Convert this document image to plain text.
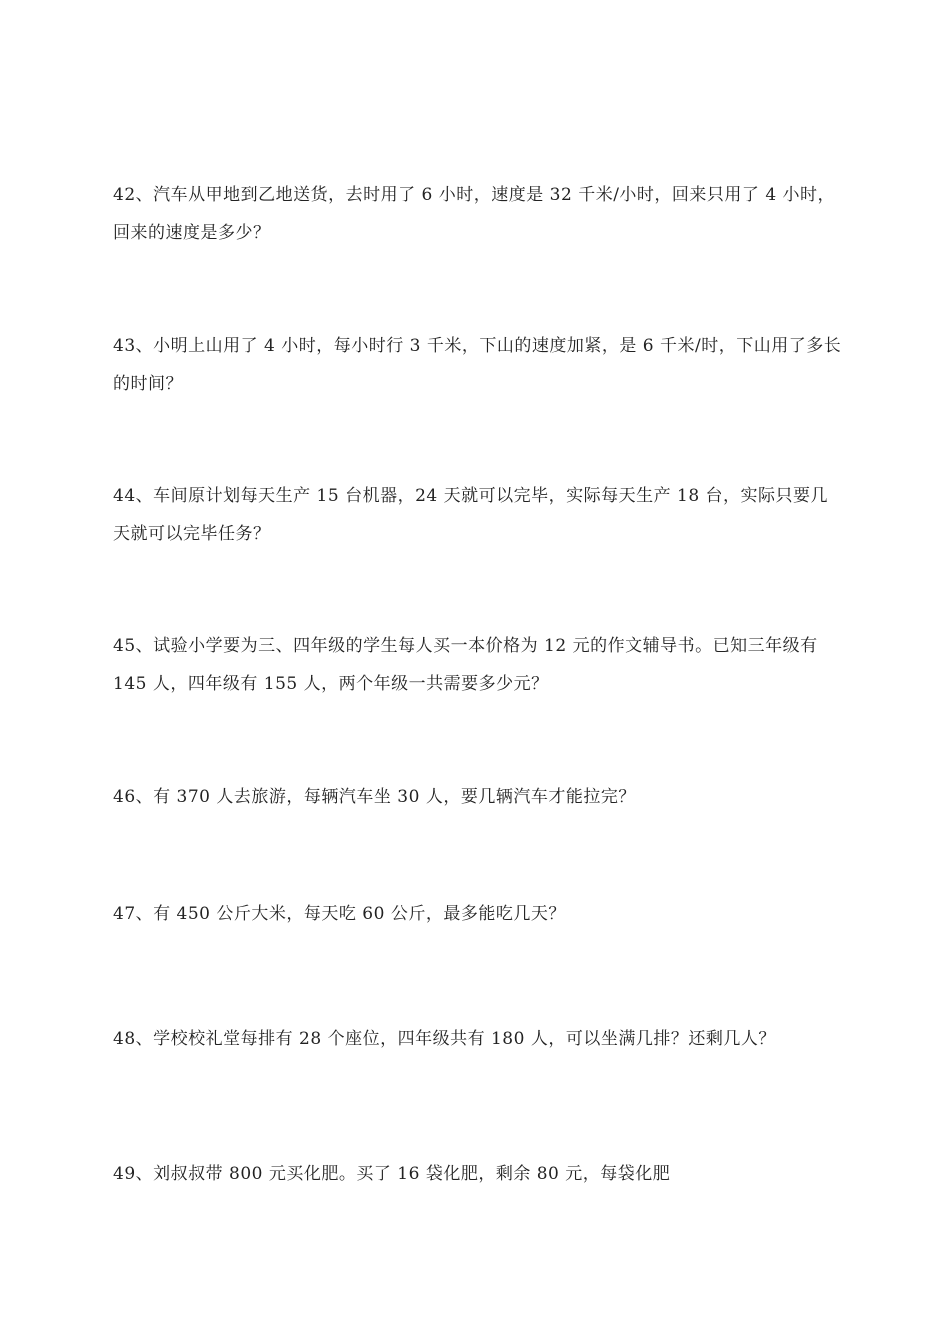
42、汽车从甲地到乙地送货，去时用了 6 小时，速度是 32 千米/小时，回来只用了 4 小时，回来的速度是多少？

43、小明上山用了 4 小时，每小时行 3 千米，下山的速度加紧，是 6 千米/时，下山用了多长的时间？

44、车间原计划每天生产 15 台机器，24 天就可以完毕，实际每天生产 18 台，实际只要几天就可以完毕任务？

45、试验小学要为三、四年级的学生每人买一本价格为 12 元的作文辅导书。已知三年级有 145 人，四年级有 155 人，两个年级一共需要多少元？

46、有 370 人去旅游，每辆汽车坐 30 人，要几辆汽车才能拉完？

47、有 450 公斤大米，每天吃 60 公斤，最多能吃几天？

48、学校校礼堂每排有 28 个座位，四年级共有 180 人，可以坐满几排？还剩几人？

49、刘叔叔带 800 元买化肥。买了 16 袋化肥，剩余 80 元，每袋化肥
